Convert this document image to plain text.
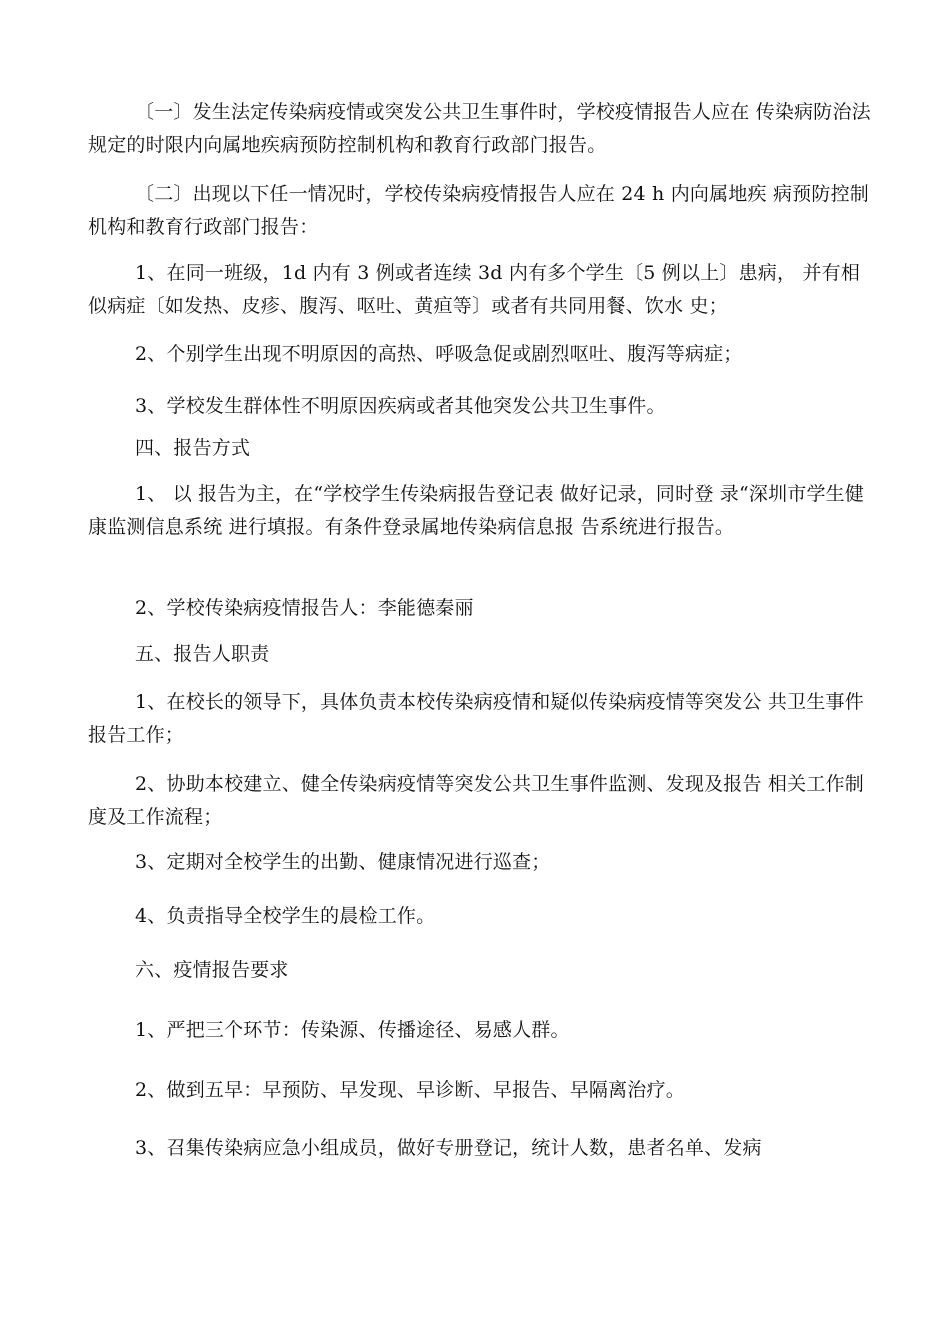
〔一〕发生法定传染病疫情或突发公共卫生事件时，学校疫情报告人应在 传染病防治法规定的时限内向属地疾病预防控制机构和教育行政部门报告。
〔二〕出现以下任一情况时，学校传染病疫情报告人应在 24 h 内向属地疾 病预防控制机构和教育行政部门报告：
1、在同一班级，1d 内有 3 例或者连续 3d 内有多个学生〔5 例以上〕患病， 并有相似病症〔如发热、皮疹、腹泻、呕吐、黄疸等〕或者有共同用餐、饮水 史；
2、个别学生出现不明原因的高热、呼吸急促或剧烈呕吐、腹泻等病症；
3、学校发生群体性不明原因疾病或者其他突发公共卫生事件。
四、报告方式
1、 以 报告为主，在“学校学生传染病报告登记表 做好记录，同时登 录“深圳市学生健康监测信息系统 进行填报。有条件登录属地传染病信息报 告系统进行报告。
2、学校传染病疫情报告人：李能德秦丽
五、报告人职责
1、在校长的领导下，具体负责本校传染病疫情和疑似传染病疫情等突发公 共卫生事件报告工作；
2、协助本校建立、健全传染病疫情等突发公共卫生事件监测、发现及报告 相关工作制度及工作流程；
3、定期对全校学生的出勤、健康情况进行巡查；
4、负责指导全校学生的晨检工作。
六、疫情报告要求
1、严把三个环节：传染源、传播途径、易感人群。
2、做到五早：早预防、早发现、早诊断、早报告、早隔离治疗。
3、召集传染病应急小组成员，做好专册登记，统计人数，患者名单、发病
